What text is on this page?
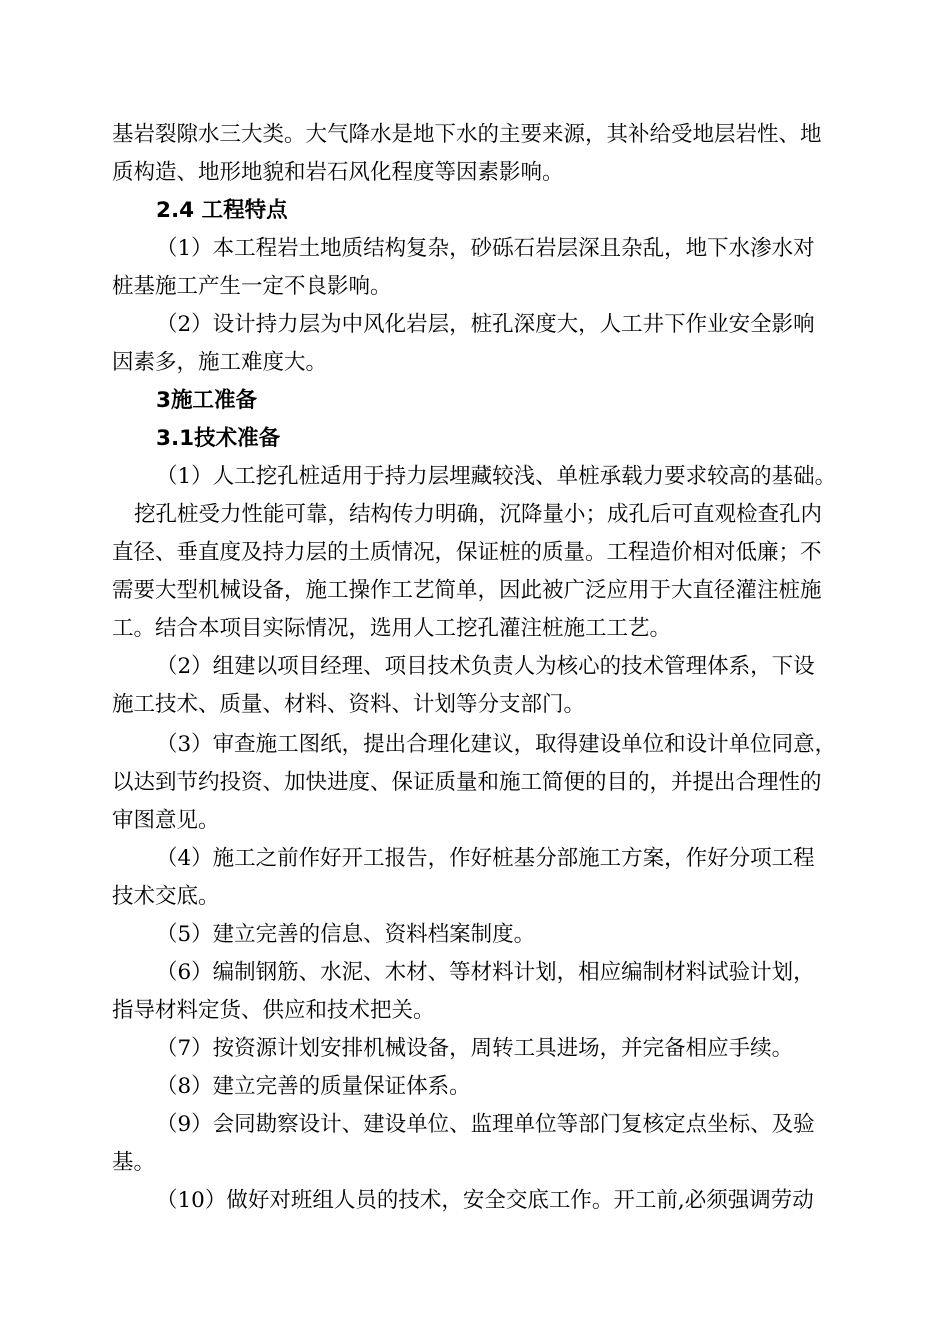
基岩裂隙水三大类。大气降水是地下水的主要来源，其补给受地层岩性、地
质构造、地形地貌和岩石风化程度等因素影响。
2.4 工程特点
（1）本工程岩土地质结构复杂，砂砾石岩层深且杂乱，地下水渗水对
桩基施工产生一定不良影响。
（2）设计持力层为中风化岩层，桩孔深度大，人工井下作业安全影响
因素多，施工难度大。
3施工准备
3.1技术准备
（1）人工挖孔桩适用于持力层埋藏较浅、单桩承载力要求较高的基础。
挖孔桩受力性能可靠，结构传力明确，沉降量小；成孔后可直观检查孔内
直径、垂直度及持力层的土质情况，保证桩的质量。工程造价相对低廉；不
需要大型机械设备，施工操作工艺简单，因此被广泛应用于大直径灌注桩施
工。结合本项目实际情况，选用人工挖孔灌注桩施工工艺。
（2）组建以项目经理、项目技术负责人为核心的技术管理体系，下设
施工技术、质量、材料、资料、计划等分支部门。
（3）审查施工图纸，提出合理化建议，取得建设单位和设计单位同意，
以达到节约投资、加快进度、保证质量和施工简便的目的，并提出合理性的
审图意见。
（4）施工之前作好开工报告，作好桩基分部施工方案，作好分项工程
技术交底。
（5）建立完善的信息、资料档案制度。
（6）编制钢筋、水泥、木材、等材料计划，相应编制材料试验计划，
指导材料定货、供应和技术把关。
（7）按资源计划安排机械设备，周转工具进场，并完备相应手续。
（8）建立完善的质量保证体系。
（9）会同勘察设计、建设单位、监理单位等部门复核定点坐标、及验
基。
（10）做好对班组人员的技术，安全交底工作。开工前,必须强调劳动
